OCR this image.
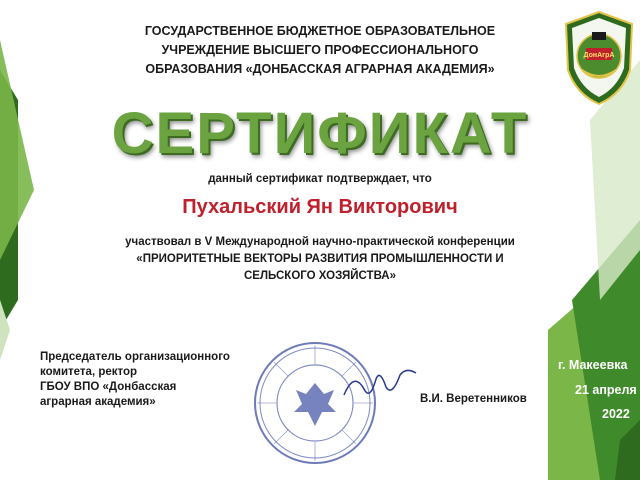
ГОСУДАРСТВЕННОЕ БЮДЖЕТНОЕ ОБРАЗОВАТЕЛЬНОЕ
УЧРЕЖДЕНИЕ ВЫСШЕГО ПРОФЕССИОНАЛЬНОГО
ОБРАЗОВАНИЯ «ДОНБАССКАЯ АГРАРНАЯ АКАДЕМИЯ»
ДонАгрА
СЕРТИФИКАТ
данный сертификат подтверждает, что
Пухальский Ян Викторович
участвовал в V Международной научно-практической конференции
«ПРИОРИТЕТНЫЕ ВЕКТОРЫ РАЗВИТИЯ ПРОМЫШЛЕННОСТИ И
СЕЛЬСКОГО ХОЗЯЙСТВА»
Председатель организационного
комитета, ректор
ГБОУ ВПО «Донбасская
аграрная академия»	В.И. Веретенников
г. Макеевка
21 апреля
2022
